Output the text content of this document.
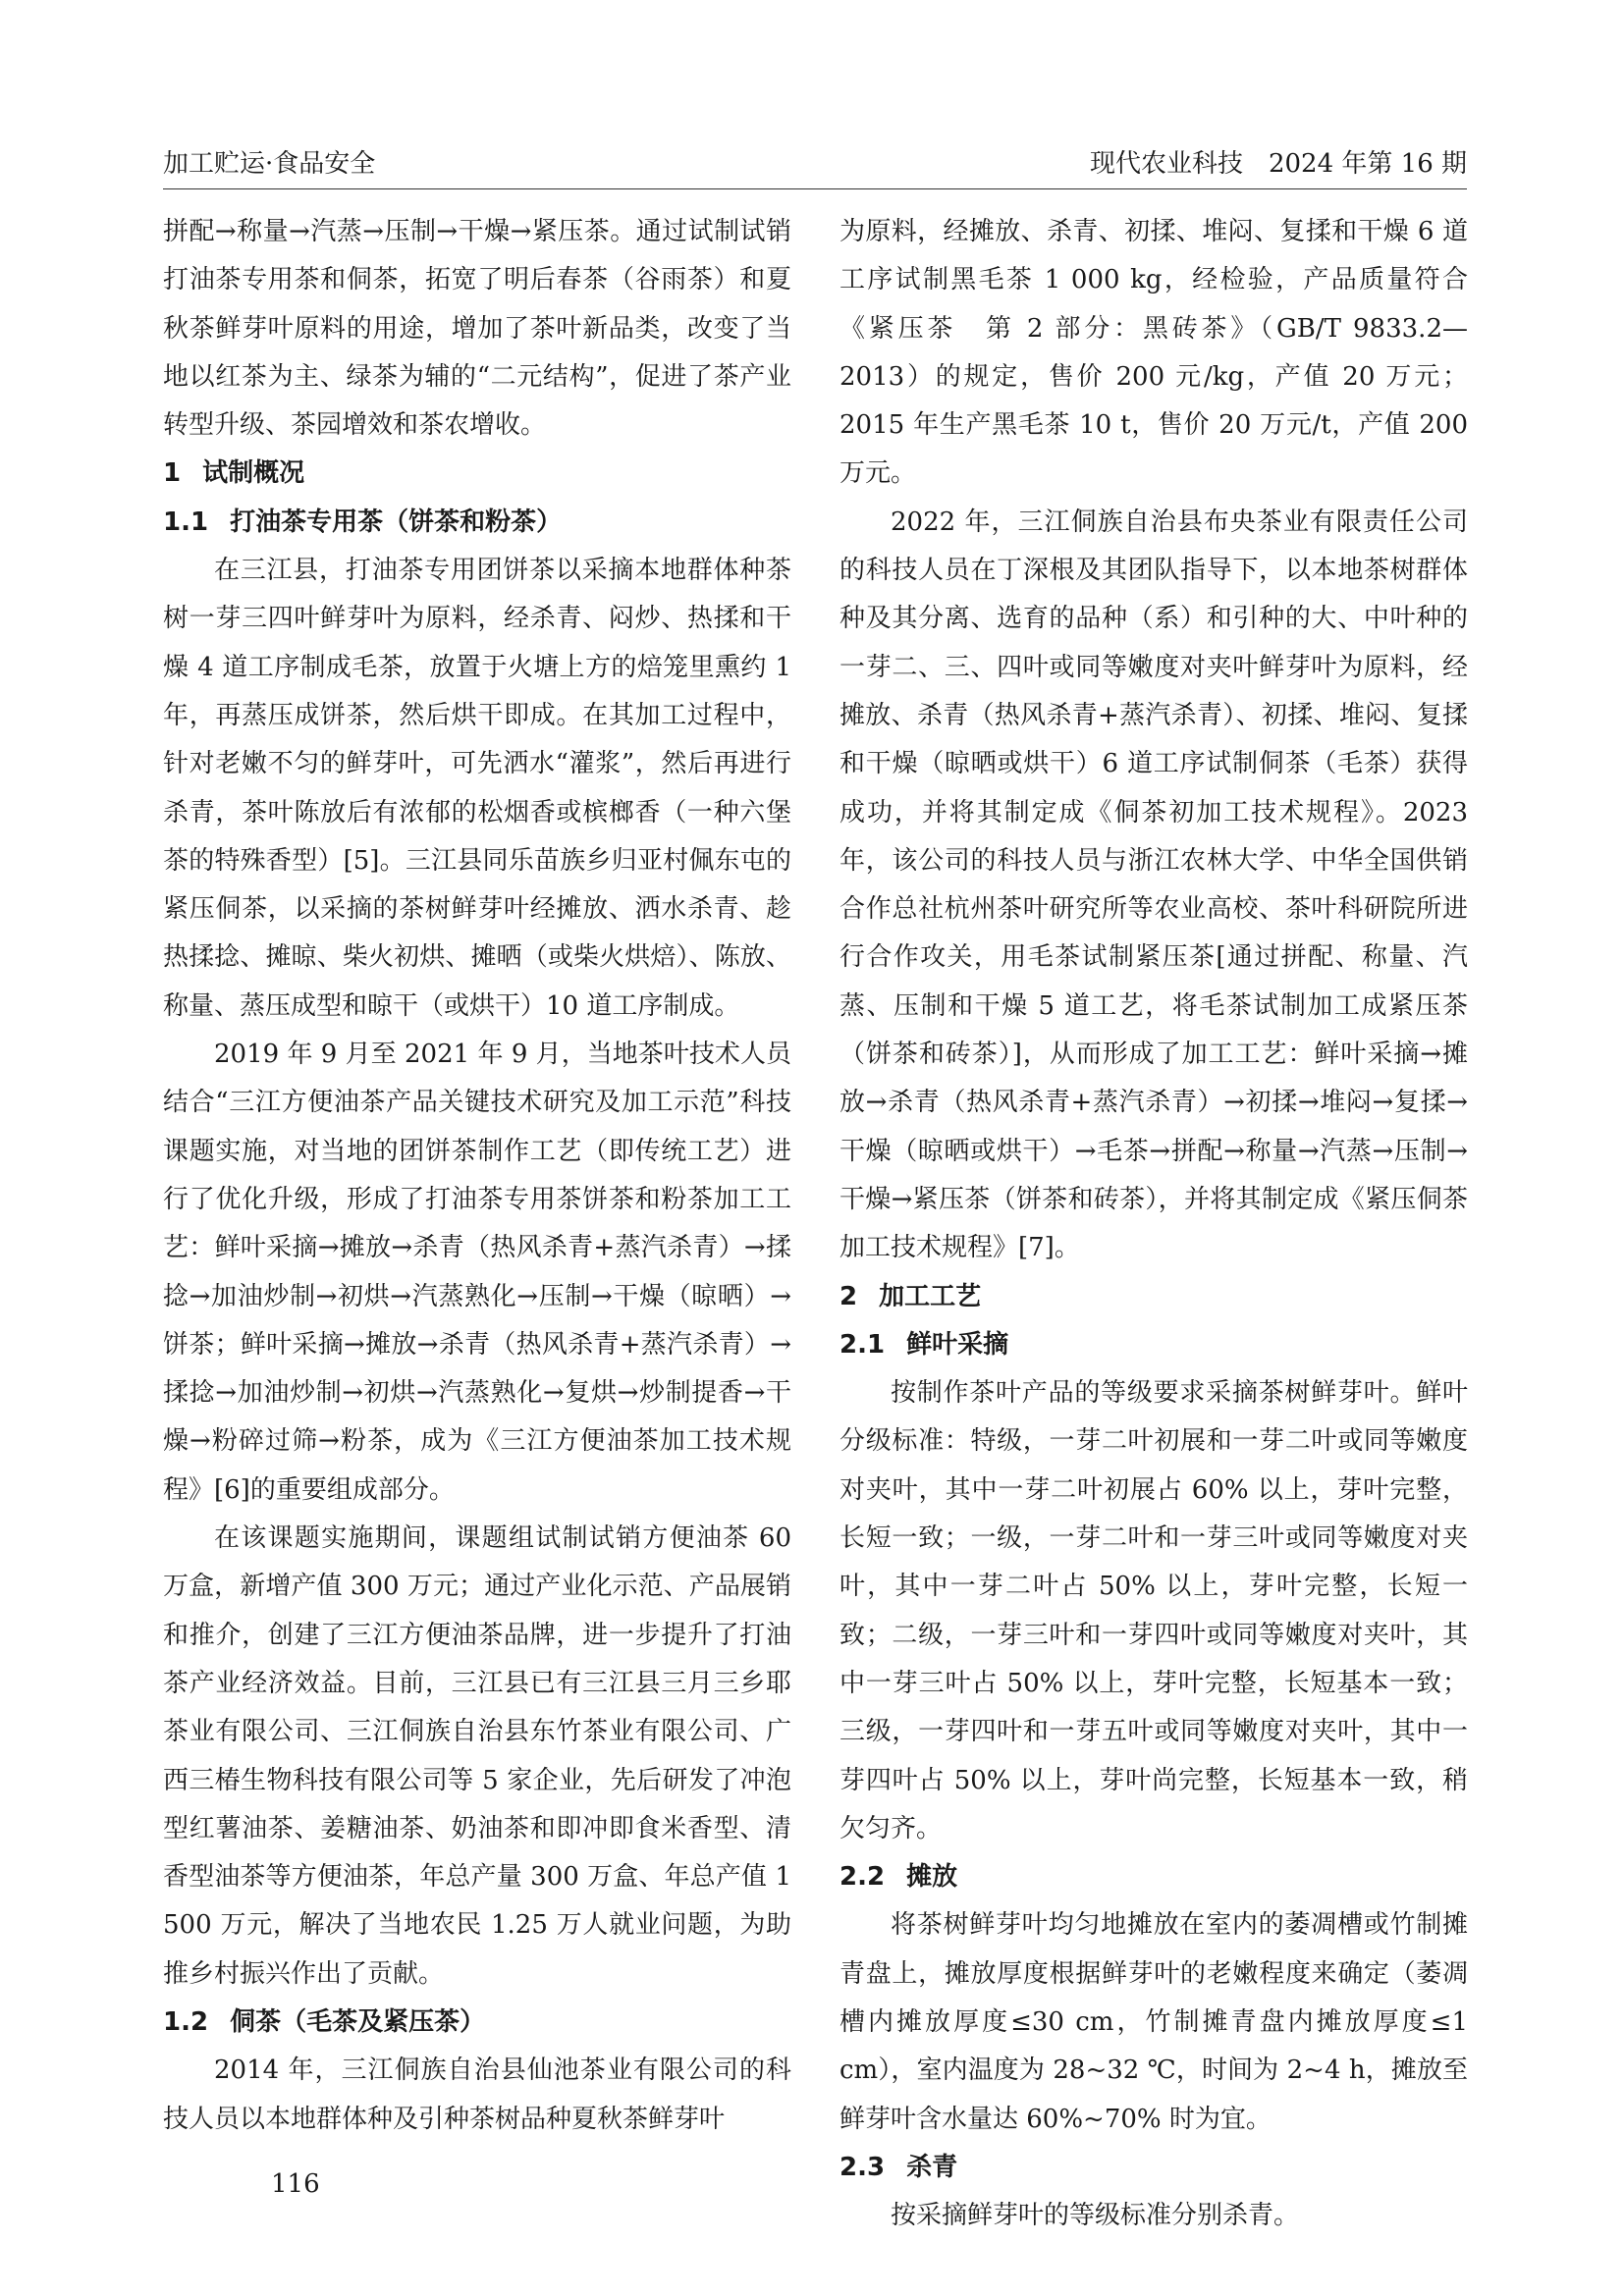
加工贮运·食品安全	现代农业科技　2024 年第 16 期

拼配→称量→汽蒸→压制→干燥→紧压茶。通过试制试销打油茶专用茶和侗茶，拓宽了明后春茶（谷雨茶）和夏秋茶鲜芽叶原料的用途，增加了茶叶新品类，改变了当地以红茶为主、绿茶为辅的“二元结构”，促进了茶产业转型升级、茶园增效和茶农增收。

1 试制概况
1.1 打油茶专用茶（饼茶和粉茶）

在三江县，打油茶专用团饼茶以采摘本地群体种茶树一芽三四叶鲜芽叶为原料，经杀青、闷炒、热揉和干燥 4 道工序制成毛茶，放置于火塘上方的焙笼里熏约 1 年，再蒸压成饼茶，然后烘干即成。在其加工过程中，针对老嫩不匀的鲜芽叶，可先洒水“灌浆”，然后再进行杀青，茶叶陈放后有浓郁的松烟香或槟榔香（一种六堡茶的特殊香型）[5]。三江县同乐苗族乡归亚村佩东屯的紧压侗茶，以采摘的茶树鲜芽叶经摊放、洒水杀青、趁热揉捻、摊晾、柴火初烘、摊晒（或柴火烘焙）、陈放、称量、蒸压成型和晾干（或烘干）10 道工序制成。

2019 年 9 月至 2021 年 9 月，当地茶叶技术人员结合“三江方便油茶产品关键技术研究及加工示范”科技课题实施，对当地的团饼茶制作工艺（即传统工艺）进行了优化升级，形成了打油茶专用茶饼茶和粉茶加工工艺：鲜叶采摘→摊放→杀青（热风杀青+蒸汽杀青）→揉捻→加油炒制→初烘→汽蒸熟化→压制→干燥（晾晒）→饼茶；鲜叶采摘→摊放→杀青（热风杀青+蒸汽杀青）→揉捻→加油炒制→初烘→汽蒸熟化→复烘→炒制提香→干燥→粉碎过筛→粉茶，成为《三江方便油茶加工技术规程》[6]的重要组成部分。

在该课题实施期间，课题组试制试销方便油茶 60 万盒，新增产值 300 万元；通过产业化示范、产品展销和推介，创建了三江方便油茶品牌，进一步提升了打油茶产业经济效益。目前，三江县已有三江县三月三乡耶茶业有限公司、三江侗族自治县东竹茶业有限公司、广西三椿生物科技有限公司等 5 家企业，先后研发了冲泡型红薯油茶、姜糖油茶、奶油茶和即冲即食米香型、清香型油茶等方便油茶，年总产量 300 万盒、年总产值 1 500 万元，解决了当地农民 1.25 万人就业问题，为助推乡村振兴作出了贡献。

1.2 侗茶（毛茶及紧压茶）

2014 年，三江侗族自治县仙池茶业有限公司的科技人员以本地群体种及引种茶树品种夏秋茶鲜芽叶

为原料，经摊放、杀青、初揉、堆闷、复揉和干燥 6 道工序试制黑毛茶 1 000 kg，经检验，产品质量符合《紧压茶　第 2 部分：黑砖茶》（GB/T 9833.2—2013）的规定，售价 200 元/kg，产值 20 万元；2015 年生产黑毛茶 10 t，售价 20 万元/t，产值 200 万元。

2022 年，三江侗族自治县布央茶业有限责任公司的科技人员在丁深根及其团队指导下，以本地茶树群体种及其分离、选育的品种（系）和引种的大、中叶种的一芽二、三、四叶或同等嫩度对夹叶鲜芽叶为原料，经摊放、杀青（热风杀青+蒸汽杀青）、初揉、堆闷、复揉和干燥（晾晒或烘干）6 道工序试制侗茶（毛茶）获得成功，并将其制定成《侗茶初加工技术规程》。2023 年，该公司的科技人员与浙江农林大学、中华全国供销合作总社杭州茶叶研究所等农业高校、茶叶科研院所进行合作攻关，用毛茶试制紧压茶[通过拼配、称量、汽蒸、压制和干燥 5 道工艺，将毛茶试制加工成紧压茶（饼茶和砖茶）]，从而形成了加工工艺：鲜叶采摘→摊放→杀青（热风杀青+蒸汽杀青）→初揉→堆闷→复揉→干燥（晾晒或烘干）→毛茶→拼配→称量→汽蒸→压制→干燥→紧压茶（饼茶和砖茶），并将其制定成《紧压侗茶加工技术规程》[7]。

2 加工工艺
2.1 鲜叶采摘

按制作茶叶产品的等级要求采摘茶树鲜芽叶。鲜叶分级标准：特级，一芽二叶初展和一芽二叶或同等嫩度对夹叶，其中一芽二叶初展占 60% 以上，芽叶完整，长短一致；一级，一芽二叶和一芽三叶或同等嫩度对夹叶，其中一芽二叶占 50% 以上，芽叶完整，长短一致；二级，一芽三叶和一芽四叶或同等嫩度对夹叶，其中一芽三叶占 50% 以上，芽叶完整，长短基本一致；三级，一芽四叶和一芽五叶或同等嫩度对夹叶，其中一芽四叶占 50% 以上，芽叶尚完整，长短基本一致，稍欠匀齐。

2.2 摊放

将茶树鲜芽叶均匀地摊放在室内的萎凋槽或竹制摊青盘上，摊放厚度根据鲜芽叶的老嫩程度来确定（萎凋槽内摊放厚度≤30 cm，竹制摊青盘内摊放厚度≤1 cm），室内温度为 28~32 ℃，时间为 2~4 h，摊放至鲜芽叶含水量达 60%~70% 时为宜。

2.3 杀青

按采摘鲜芽叶的等级标准分别杀青。

116
